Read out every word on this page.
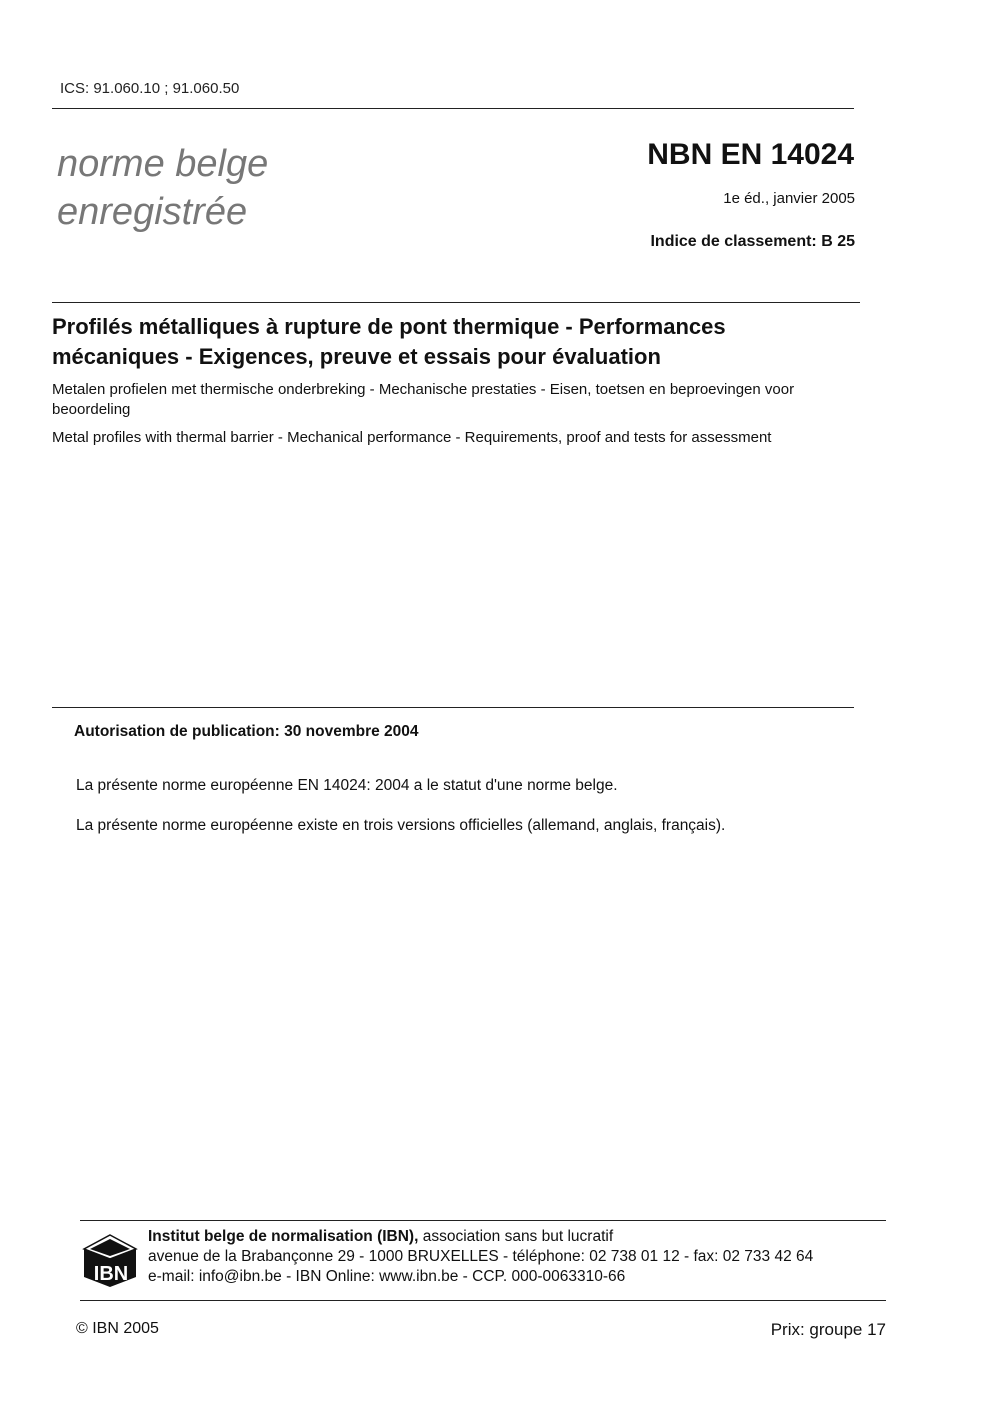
ICS: 91.060.10 ; 91.060.50
norme belge
enregistrée
NBN EN 14024
1e éd., janvier 2005
Indice de classement: B 25
Profilés métalliques à rupture de pont thermique - Performances mécaniques - Exigences, preuve et essais pour évaluation
Metalen profielen met thermische onderbreking - Mechanische prestaties - Eisen, toetsen en beproevingen voor beoordeling
Metal profiles with thermal barrier - Mechanical performance - Requirements, proof and tests for assessment
Autorisation de publication: 30 novembre 2004
La présente norme européenne EN 14024: 2004 a le statut d'une norme belge.
La présente norme européenne existe en trois versions officielles (allemand, anglais, français).
IBN
Institut belge de normalisation (IBN), association sans but lucratif
avenue de la Brabançonne 29 - 1000 BRUXELLES - téléphone: 02 738 01 12 - fax: 02 733 42 64
e-mail: info@ibn.be - IBN Online: www.ibn.be - CCP. 000-0063310-66
© IBN 2005	Prix: groupe 17
